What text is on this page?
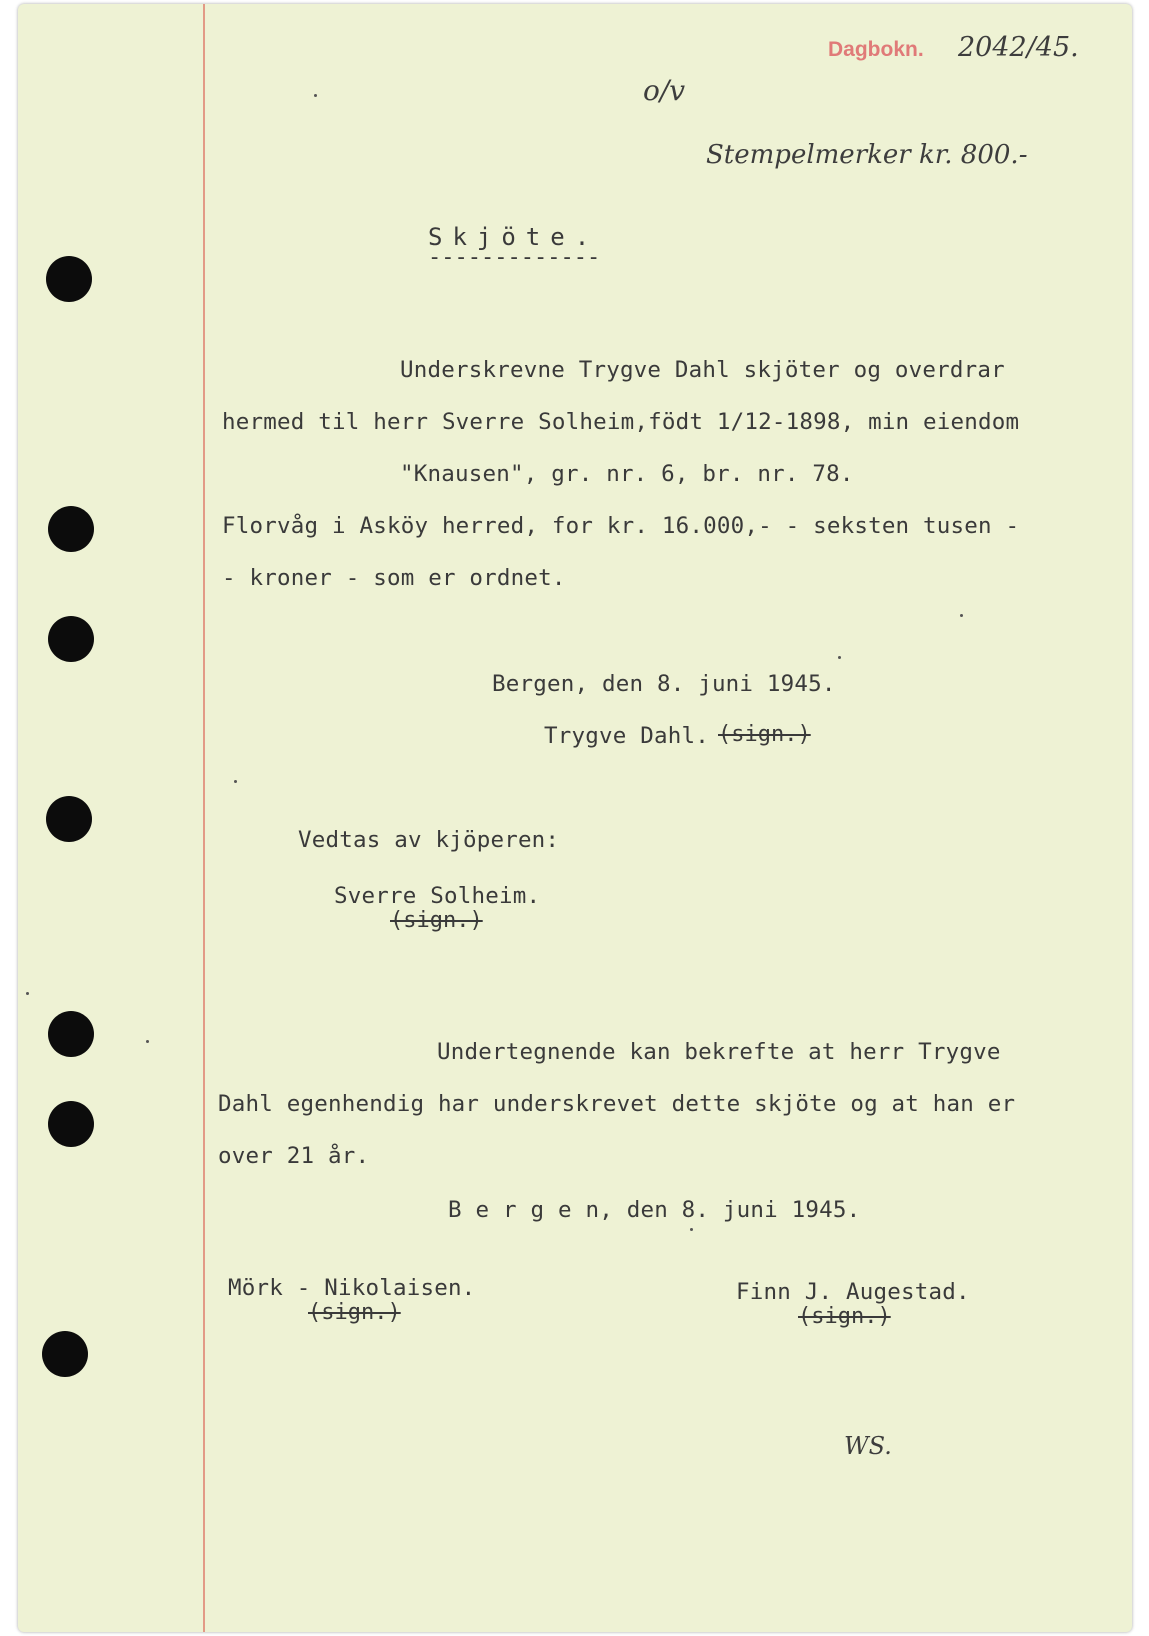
Dagbokn. 2042/45.
o/v
Stempelmerker kr. 800.-
Skjöte.
-------------
Underskrevne Trygve Dahl skjöter og overdrar
hermed til herr Sverre Solheim,födt 1/12-1898, min eiendom
"Knausen", gr. nr. 6, br. nr. 78.
Florvåg i Asköy herred, for kr. 16.000,- - seksten tusen -
- kroner - som er ordnet.
Bergen, den 8. juni 1945.
Trygve Dahl. (sign.)
Vedtas av kjöperen:
Sverre Solheim.
(sign.)
Undertegnende kan bekrefte at herr Trygve
Dahl egenhendig har underskrevet dette skjöte og at han er
over 21 år.
B e r g e n, den 8. juni 1945.
Mörk - Nikolaisen.
(sign.)
Finn J. Augestad.
(sign.)
WS.
